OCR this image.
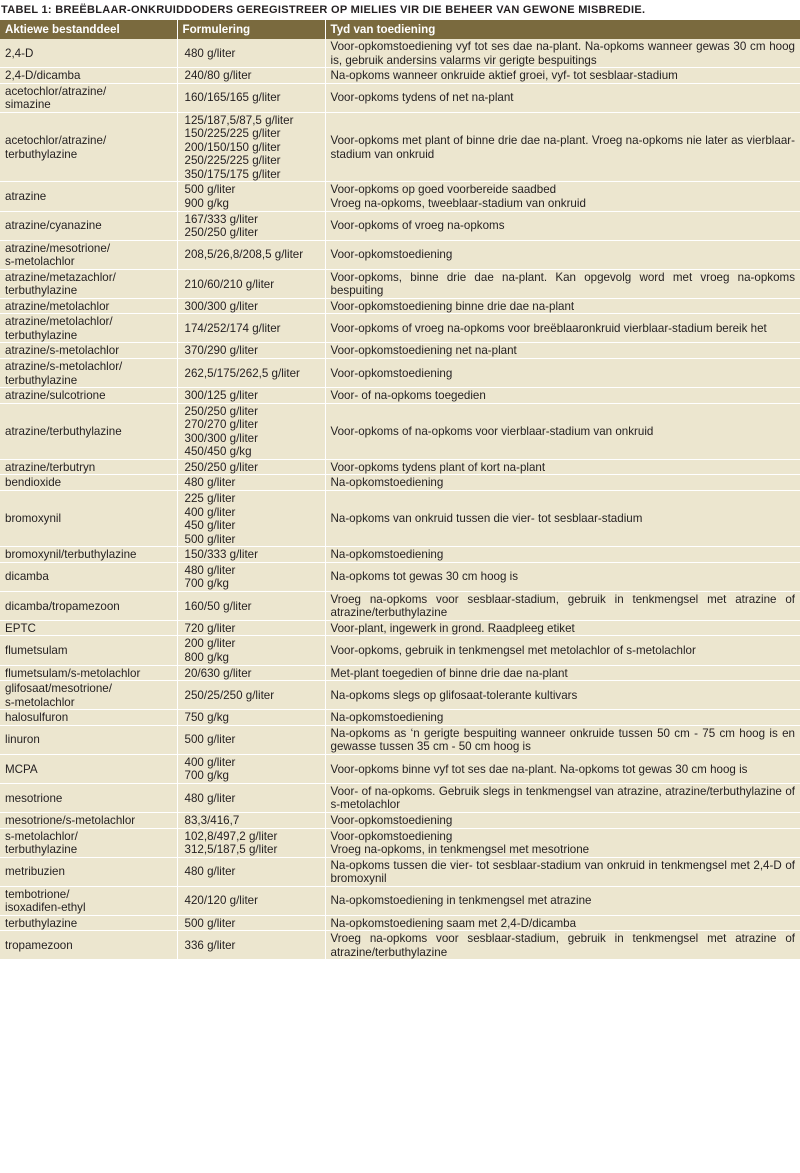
TABEL 1: BREËBLAAR-ONKRUIDDODERS GEREGISTREER OP MIELIES VIR DIE BEHEER VAN GEWONE MISBREDIE.
Aktiewe bestanddeel	Formulering	Tyd van toediening

2,4-D	480 g/liter	Voor-opkomstoediening vyf tot ses dae na-plant. Na-opkoms wanneer gewas 30 cm hoog is, gebruik andersins valarms vir gerigte bespuitings

2,4-D/dicamba	240/80 g/liter	Na-opkoms wanneer onkruide aktief groei, vyf- tot sesblaar-stadium

acetochlor/atrazine/
simazine	160/165/165 g/liter	Voor-opkoms tydens of net na-plant

acetochlor/atrazine/
terbuthylazine	125/187,5/87,5 g/liter
150/225/225 g/liter
200/150/150 g/liter
250/225/225 g/liter
350/175/175 g/liter	Voor-opkoms met plant of binne drie dae na-plant. Vroeg na-opkoms nie later as vierblaar-stadium van onkruid

atrazine	500 g/liter
900 g/kg	Voor-opkoms op goed voorbereide saadbed
Vroeg na-opkoms, tweeblaar-stadium van onkruid

atrazine/cyanazine	167/333 g/liter
250/250 g/liter	Voor-opkoms of vroeg na-opkoms

atrazine/mesotrione/
s-metolachlor	208,5/26,8/208,5 g/liter	Voor-opkomstoediening

atrazine/metazachlor/
terbuthylazine	210/60/210 g/liter	Voor-opkoms, binne drie dae na-plant. Kan opgevolg word met vroeg na-opkoms bespuiting

atrazine/metolachlor	300/300 g/liter	Voor-opkomstoediening binne drie dae na-plant

atrazine/metolachlor/
terbuthylazine	174/252/174 g/liter	Voor-opkoms of vroeg na-opkoms voor breëblaaronkruid vierblaar-stadium bereik het

atrazine/s-metolachlor	370/290 g/liter	Voor-opkomstoediening net na-plant

atrazine/s-metolachlor/
terbuthylazine	262,5/175/262,5 g/liter	Voor-opkomstoediening

atrazine/sulcotrione	300/125 g/liter	Voor- of na-opkoms toegedien

atrazine/terbuthylazine	250/250 g/liter
270/270 g/liter
300/300 g/liter
450/450 g/kg	Voor-opkoms of na-opkoms voor vierblaar-stadium van onkruid

atrazine/terbutryn	250/250 g/liter	Voor-opkoms tydens plant of kort na-plant

bendioxide	480 g/liter	Na-opkomstoediening

bromoxynil	225 g/liter
400 g/liter
450 g/liter
500 g/liter	Na-opkoms van onkruid tussen die vier- tot sesblaar-stadium

bromoxynil/terbuthylazine	150/333 g/liter	Na-opkomstoediening

dicamba	480 g/liter
700 g/kg	Na-opkoms tot gewas 30 cm hoog is

dicamba/tropamezoon	160/50 g/liter	Vroeg na-opkoms voor sesblaar-stadium, gebruik in tenkmengsel met atrazine of atrazine/terbuthylazine

EPTC	720 g/liter	Voor-plant, ingewerk in grond. Raadpleeg etiket

flumetsulam	200 g/liter
800 g/kg	Voor-opkoms, gebruik in tenkmengsel met metolachlor of s-metolachlor

flumetsulam/s-metolachlor	20/630 g/liter	Met-plant toegedien of binne drie dae na-plant

glifosaat/mesotrione/
s-metolachlor	250/25/250 g/liter	Na-opkoms slegs op glifosaat-tolerante kultivars

halosulfuron	750 g/kg	Na-opkomstoediening

linuron	500 g/liter	Na-opkoms as ‘n gerigte bespuiting wanneer onkruide tussen 50 cm - 75 cm hoog is en gewasse tussen 35 cm - 50 cm hoog is

MCPA	400 g/liter
700 g/kg	Voor-opkoms binne vyf tot ses dae na-plant. Na-opkoms tot gewas 30 cm hoog is

mesotrione	480 g/liter	Voor- of na-opkoms. Gebruik slegs in tenkmengsel van atrazine, atrazine/terbuthylazine of s-metolachlor

mesotrione/s-metolachlor	83,3/416,7	Voor-opkomstoediening

s-metolachlor/
terbuthylazine	102,8/497,2 g/liter
312,5/187,5 g/liter	Voor-opkomstoediening
Vroeg na-opkoms, in tenkmengsel met mesotrione

metribuzien	480 g/liter	Na-opkoms tussen die vier- tot sesblaar-stadium van onkruid in tenkmengsel met 2,4-D of bromoxynil

tembotrione/
isoxadifen-ethyl	420/120 g/liter	Na-opkomstoediening in tenkmengsel met atrazine

terbuthylazine	500 g/liter	Na-opkomstoediening saam met 2,4-D/dicamba

tropamezoon	336 g/liter	Vroeg na-opkoms voor sesblaar-stadium, gebruik in tenkmengsel met atrazine of atrazine/terbuthylazine
